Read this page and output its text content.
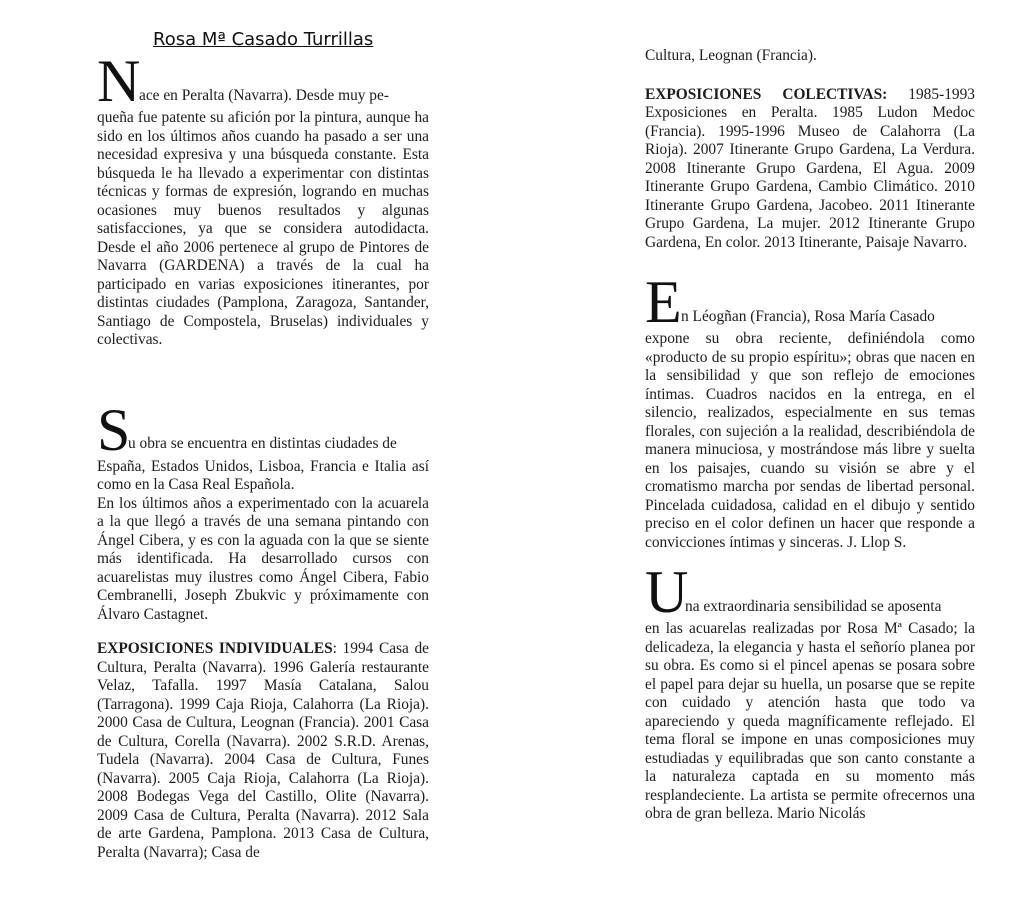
Rosa Mª Casado Turrillas
N
ace en Peralta (Navarra). Desde muy pe-

queña fue patente su afición por la pintura, aunque ha sido en los últimos años cuando ha pasado a ser una necesidad expresiva y una búsqueda constante. Esta búsqueda le ha llevado a experimentar con distintas técnicas y formas de expresión, logrando en muchas ocasiones muy buenos resultados y algunas satisfacciones, ya que se considera autodidacta. Desde el año 2006 pertenece al grupo de Pintores de Navarra (GARDENA) a través de la cual ha participado en varias exposiciones itinerantes, por distintas ciudades (Pamplona, Zaragoza, Santander, Santiago de Compostela, Bruselas) individuales y colectivas.

S
u obra se encuentra en distintas ciudades de

España, Estados Unidos, Lisboa, Francia e Italia así como en la Casa Real Española.

En los últimos años a experimentado con la acuarela a la que llegó a través de una semana pintando con Ángel Cibera, y es con la aguada con la que se siente más identificada. Ha desarrollado cursos con acuarelistas muy ilustres como Ángel Cibera, Fabio Cembranelli, Joseph Zbukvic y próximamente con Álvaro Castagnet.

EXPOSICIONES INDIVIDUALES: 1994 Casa de Cultura, Peralta (Navarra). 1996 Galería restaurante Velaz, Tafalla. 1997 Masía Catalana, Salou (Tarragona). 1999 Caja Rioja, Calahorra (La Rioja). 2000 Casa de Cultura, Leognan (Francia). 2001 Casa de Cultura, Corella (Navarra). 2002 S.R.D. Arenas, Tudela (Navarra). 2004 Casa de Cultura, Funes (Navarra). 2005 Caja Rioja, Calahorra (La Rioja). 2008 Bodegas Vega del Castillo, Olite (Navarra). 2009 Casa de Cultura, Peralta (Navarra). 2012 Sala de arte Gardena, Pamplona. 2013 Casa de Cultura, Peralta (Navarra); Casa de

Cultura, Leognan (Francia).

EXPOSICIONES COLECTIVAS: 1985-1993 Exposiciones en Peralta. 1985 Ludon Medoc (Francia). 1995-1996 Museo de Calahorra (La Rioja). 2007 Itinerante Grupo Gardena, La Verdura. 2008 Itinerante Grupo Gardena, El Agua. 2009 Itinerante Grupo Gardena, Cambio Climático. 2010 Itinerante Grupo Gardena, Jacobeo. 2011 Itinerante Grupo Gardena, La mujer. 2012 Itinerante Grupo Gardena, En color. 2013 Itinerante, Paisaje Navarro.

E n Léogñan (Francia), Rosa María Casado

expone su obra reciente, definiéndola como «producto de su propio espíritu»; obras que nacen en la sensibilidad y que son reflejo de emociones íntimas. Cuadros nacidos en la entrega, en el silencio, realizados, especialmente en sus temas florales, con sujeción a la realidad, describiéndola de manera minuciosa, y mostrándose más libre y suelta en los paisajes, cuando su visión se abre y el cromatismo marcha por sendas de libertad personal. Pincelada cuidadosa, calidad en el dibujo y sentido preciso en el color definen un hacer que responde a convicciones íntimas y sinceras. J. Llop S.

U
na extraordinaria sensibilidad se aposenta

en las acuarelas realizadas por Rosa Mª Casado; la delicadeza, la elegancia y hasta el señorío planea por su obra. Es como si el pincel apenas se posara sobre el papel para dejar su huella, un posarse que se repite con cuidado y atención hasta que todo va apareciendo y queda magníficamente reflejado. El tema floral se impone en unas composiciones muy estudiadas y equilibradas que son canto constante a la naturaleza captada en su momento más resplandeciente. La artista se permite ofrecernos una obra de gran belleza. Mario Nicolás
